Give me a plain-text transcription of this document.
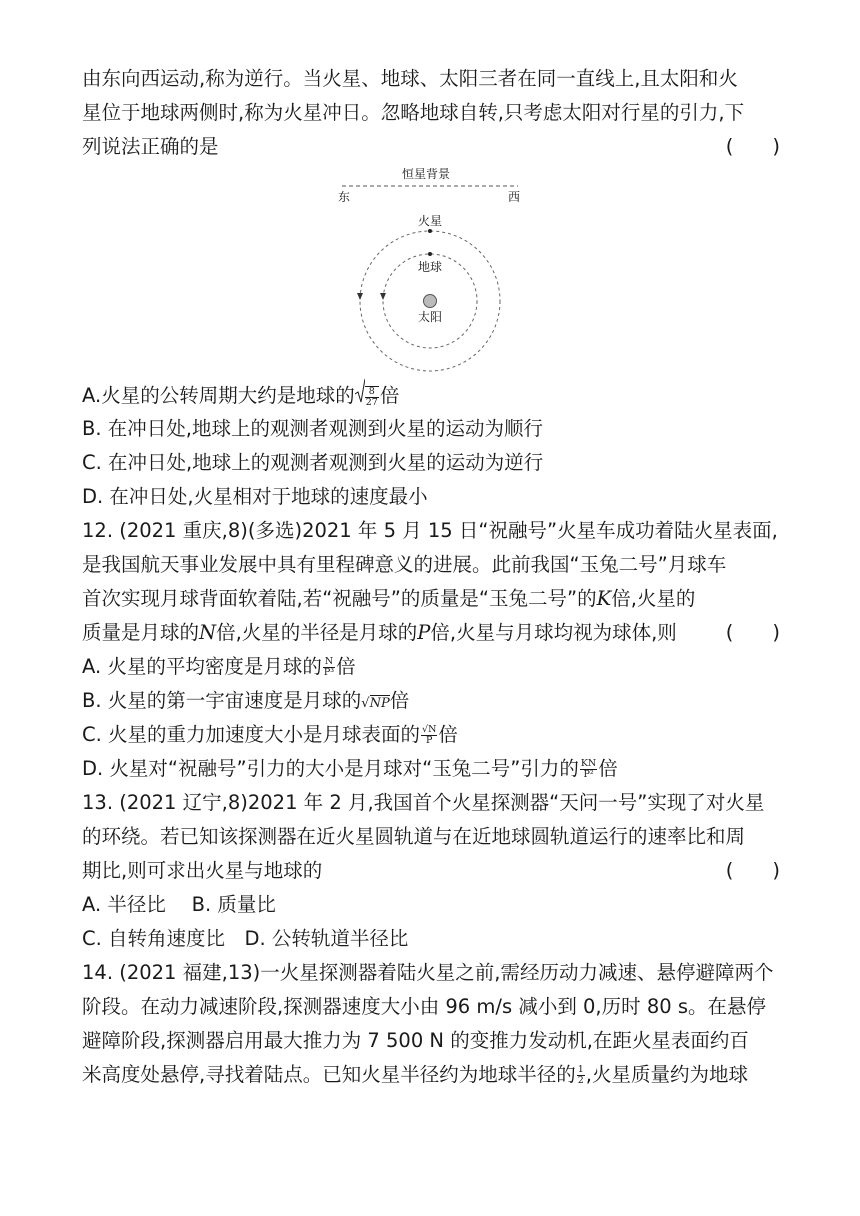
由东向西运动,称为逆行。当火星、地球、太阳三者在同一直线上,且太阳和火
星位于地球两侧时,称为火星冲日。忽略地球自转,只考虑太阳对行星的引力,下
列说法正确的是	(　　)
恒星背景
东	西
火星
地球
太阳
A.火星的公转周期大约是地球的 $\frac{8}{27}$ 倍
B. 在冲日处,地球上的观测者观测到火星的运动为顺行
C. 在冲日处,地球上的观测者观测到火星的运动为逆行
D. 在冲日处,火星相对于地球的速度最小
12. (2021 重庆,8)(多选)2021 年 5 月 15 日“祝融号”火星车成功着陆火星表面,
是我国航天事业发展中具有里程碑意义的进展。此前我国“玉兔二号”月球车
首次实现月球背面软着陆,若“祝融号”的质量是“玉兔二号”的K倍,火星的
质量是月球的N倍,火星的半径是月球的P倍,火星与月球均视为球体,则	(　　)
A. 火星的平均密度是月球的 $\frac{N}{\text{P³}}$ 倍
B. 火星的第一宇宙速度是月球的√NP倍
C. 火星的重力加速度大小是月球表面的 $\frac{√N}{P}$ 倍
D. 火星对“祝融号”引力的大小是月球对“玉兔二号”引力的 $\frac{KN}{\text{P²}}$ 倍
13. (2021 辽宁,8)2021 年 2 月,我国首个火星探测器“天问一号”实现了对火星
的环绕。若已知该探测器在近火星圆轨道与在近地球圆轨道运行的速率比和周
期比,则可求出火星与地球的	(　　)
A. 半径比　 B. 质量比
C. 自转角速度比　D. 公转轨道半径比
14. (2021 福建,13)一火星探测器着陆火星之前,需经历动力减速、悬停避障两个
阶段。在动力减速阶段,探测器速度大小由 96 m/s 减小到 0,历时 80 s。在悬停
避障阶段,探测器启用最大推力为 7 500 N 的变推力发动机,在距火星表面约百
米高度处悬停,寻找着陆点。已知火星半径约为地球半径的 $\frac{1}{2}$ ,火星质量约为地球
